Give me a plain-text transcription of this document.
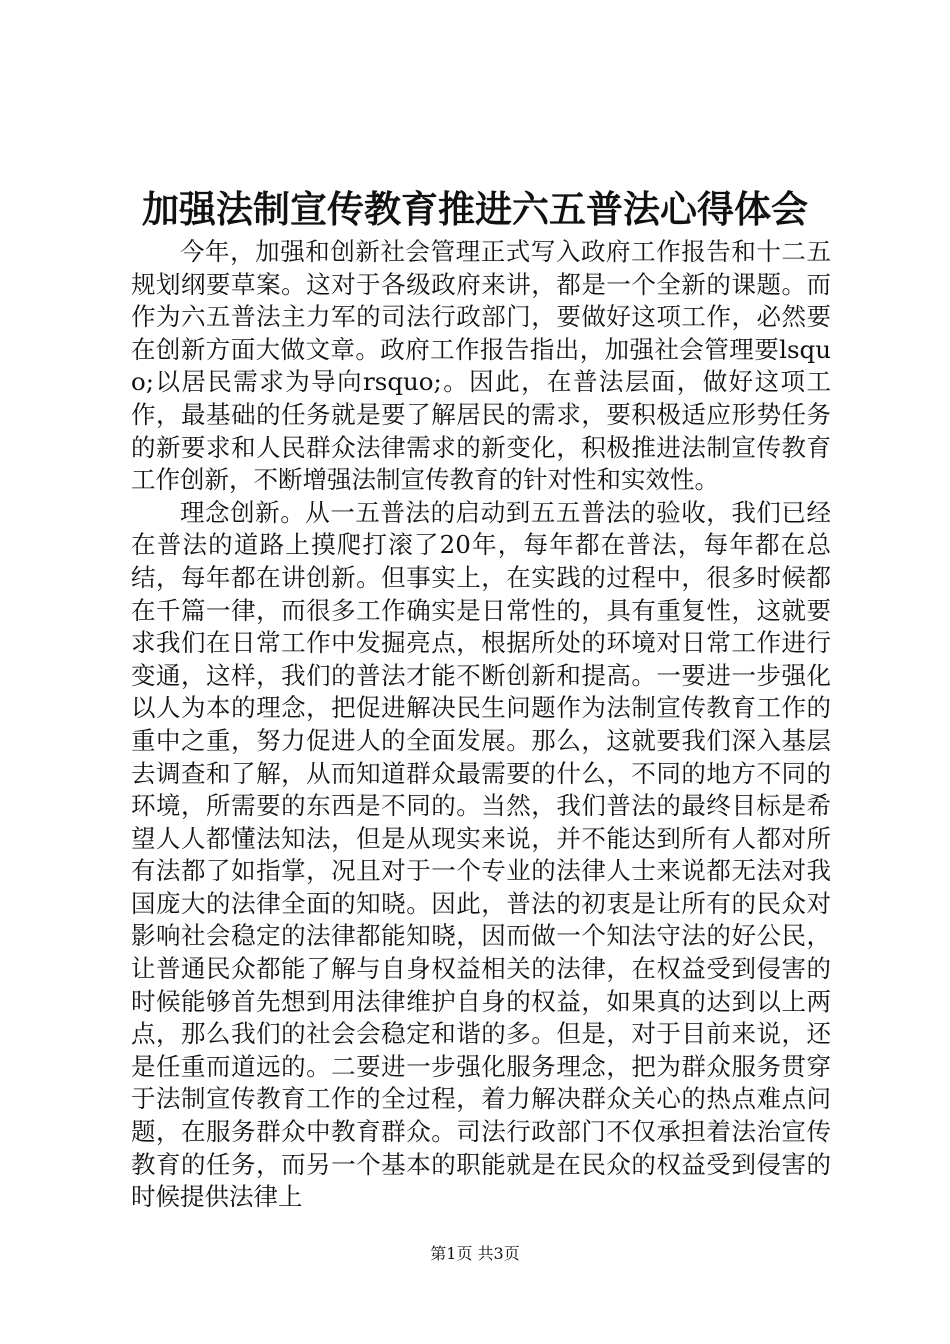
加强法制宣传教育推进六五普法心得体会

今年，加强和创新社会管理正式写入政府工作报告和十二五规划纲要草案。这对于各级政府来讲，都是一个全新的课题。而作为六五普法主力军的司法行政部门，要做好这项工作，必然要在创新方面大做文章。政府工作报告指出，加强社会管理要lsquo;以居民需求为导向rsquo;。因此，在普法层面，做好这项工作，最基础的任务就是要了解居民的需求，要积极适应形势任务的新要求和人民群众法律需求的新变化，积极推进法制宣传教育工作创新，不断增强法制宣传教育的针对性和实效性。

理念创新。从一五普法的启动到五五普法的验收，我们已经在普法的道路上摸爬打滚了20年，每年都在普法，每年都在总结，每年都在讲创新。但事实上，在实践的过程中，很多时候都在千篇一律，而很多工作确实是日常性的，具有重复性，这就要求我们在日常工作中发掘亮点，根据所处的环境对日常工作进行变通，这样，我们的普法才能不断创新和提高。一要进一步强化以人为本的理念，把促进解决民生问题作为法制宣传教育工作的重中之重，努力促进人的全面发展。那么，这就要我们深入基层去调查和了解，从而知道群众最需要的什么，不同的地方不同的环境，所需要的东西是不同的。当然，我们普法的最终目标是希望人人都懂法知法，但是从现实来说，并不能达到所有人都对所有法都了如指掌，况且对于一个专业的法律人士来说都无法对我国庞大的法律全面的知晓。因此，普法的初衷是让所有的民众对影响社会稳定的法律都能知晓，因而做一个知法守法的好公民，让普通民众都能了解与自身权益相关的法律，在权益受到侵害的时候能够首先想到用法律维护自身的权益，如果真的达到以上两点，那么我们的社会会稳定和谐的多。但是，对于目前来说，还是任重而道远的。二要进一步强化服务理念，把为群众服务贯穿于法制宣传教育工作的全过程，着力解决群众关心的热点难点问题，在服务群众中教育群众。司法行政部门不仅承担着法治宣传教育的任务，而另一个基本的职能就是在民众的权益受到侵害的时候提供法律上

第1页 共3页
